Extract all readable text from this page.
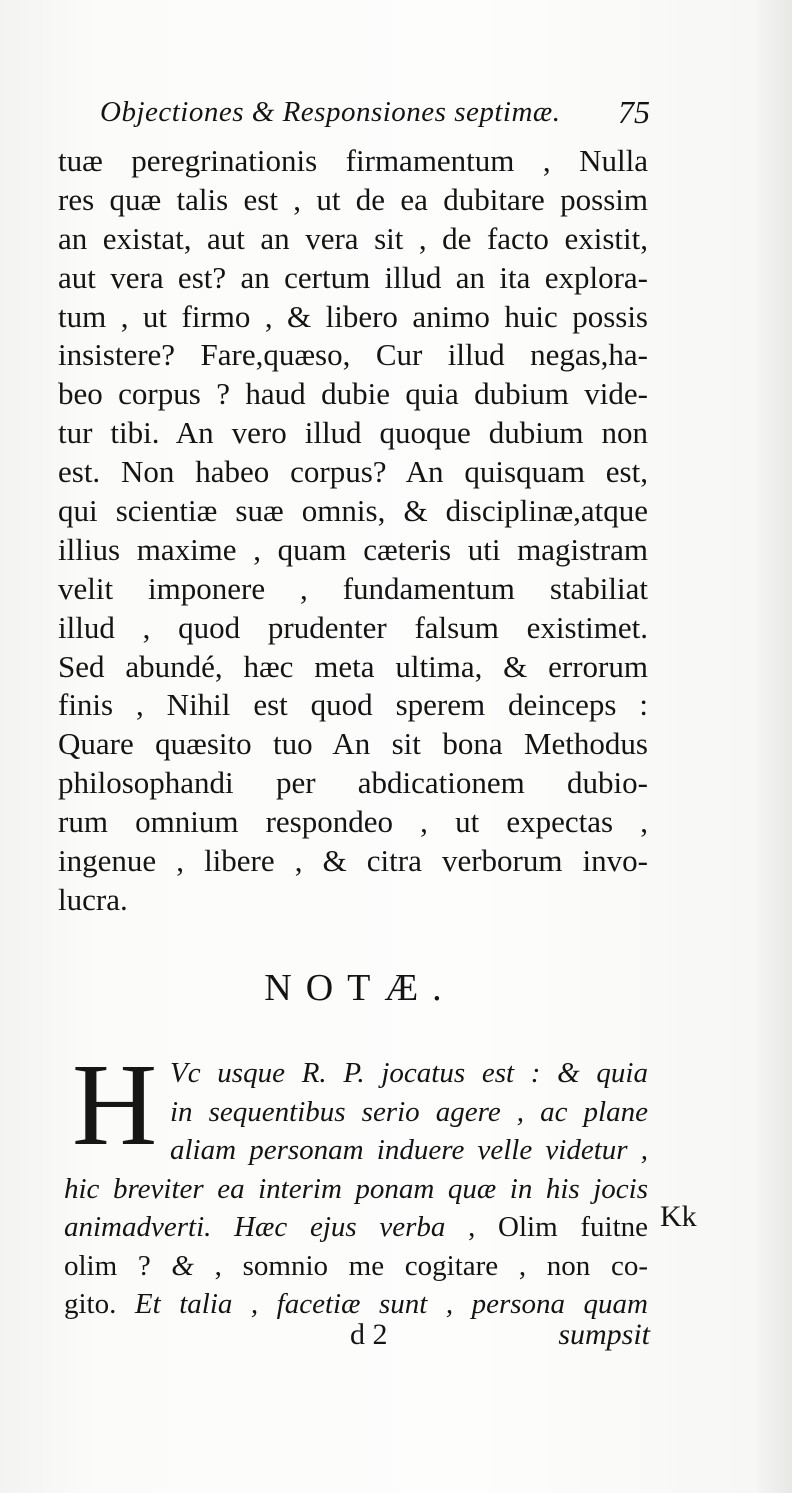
Objectiones & Responsiones septimæ. 75
tuæ peregrinationis firmamentum , Nulla
res quæ talis est , ut de ea dubitare possim
an existat, aut an vera sit , de facto existit,
aut vera est? an certum illud an ita explora-
tum , ut firmo , & libero animo huic possis
insistere? Fare,quæso, Cur illud negas,ha-
beo corpus ? haud dubie quia dubium vide-
tur tibi. An vero illud quoque dubium non
est. Non habeo corpus? An quisquam est,
qui scientiæ suæ omnis, & disciplinæ,atque
illius maxime , quam cæteris uti magistram
velit imponere , fundamentum stabiliat
illud , quod prudenter falsum existimet.
Sed abundé, hæc meta ultima, & errorum
finis , Nihil est quod sperem deinceps :
Quare quæsito tuo An sit bona Methodus
philosophandi per abdicationem dubio-
rum omnium respondeo , ut expectas ,
ingenue , libere , & citra verborum invo-
lucra.
NOTÆ.
H Vc usque R. P. jocatus est : & quia
in sequentibus serio agere , ac plane
aliam personam induere velle videtur ,
hic breviter ea interim ponam quæ in his jocis
animadverti. Hæc ejus verba , Olim fuitne
olim ? & , somnio me cogitare , non co-
gito. Et talia , facetiæ sunt , persona quam
Kk
d 2	sumpsit
